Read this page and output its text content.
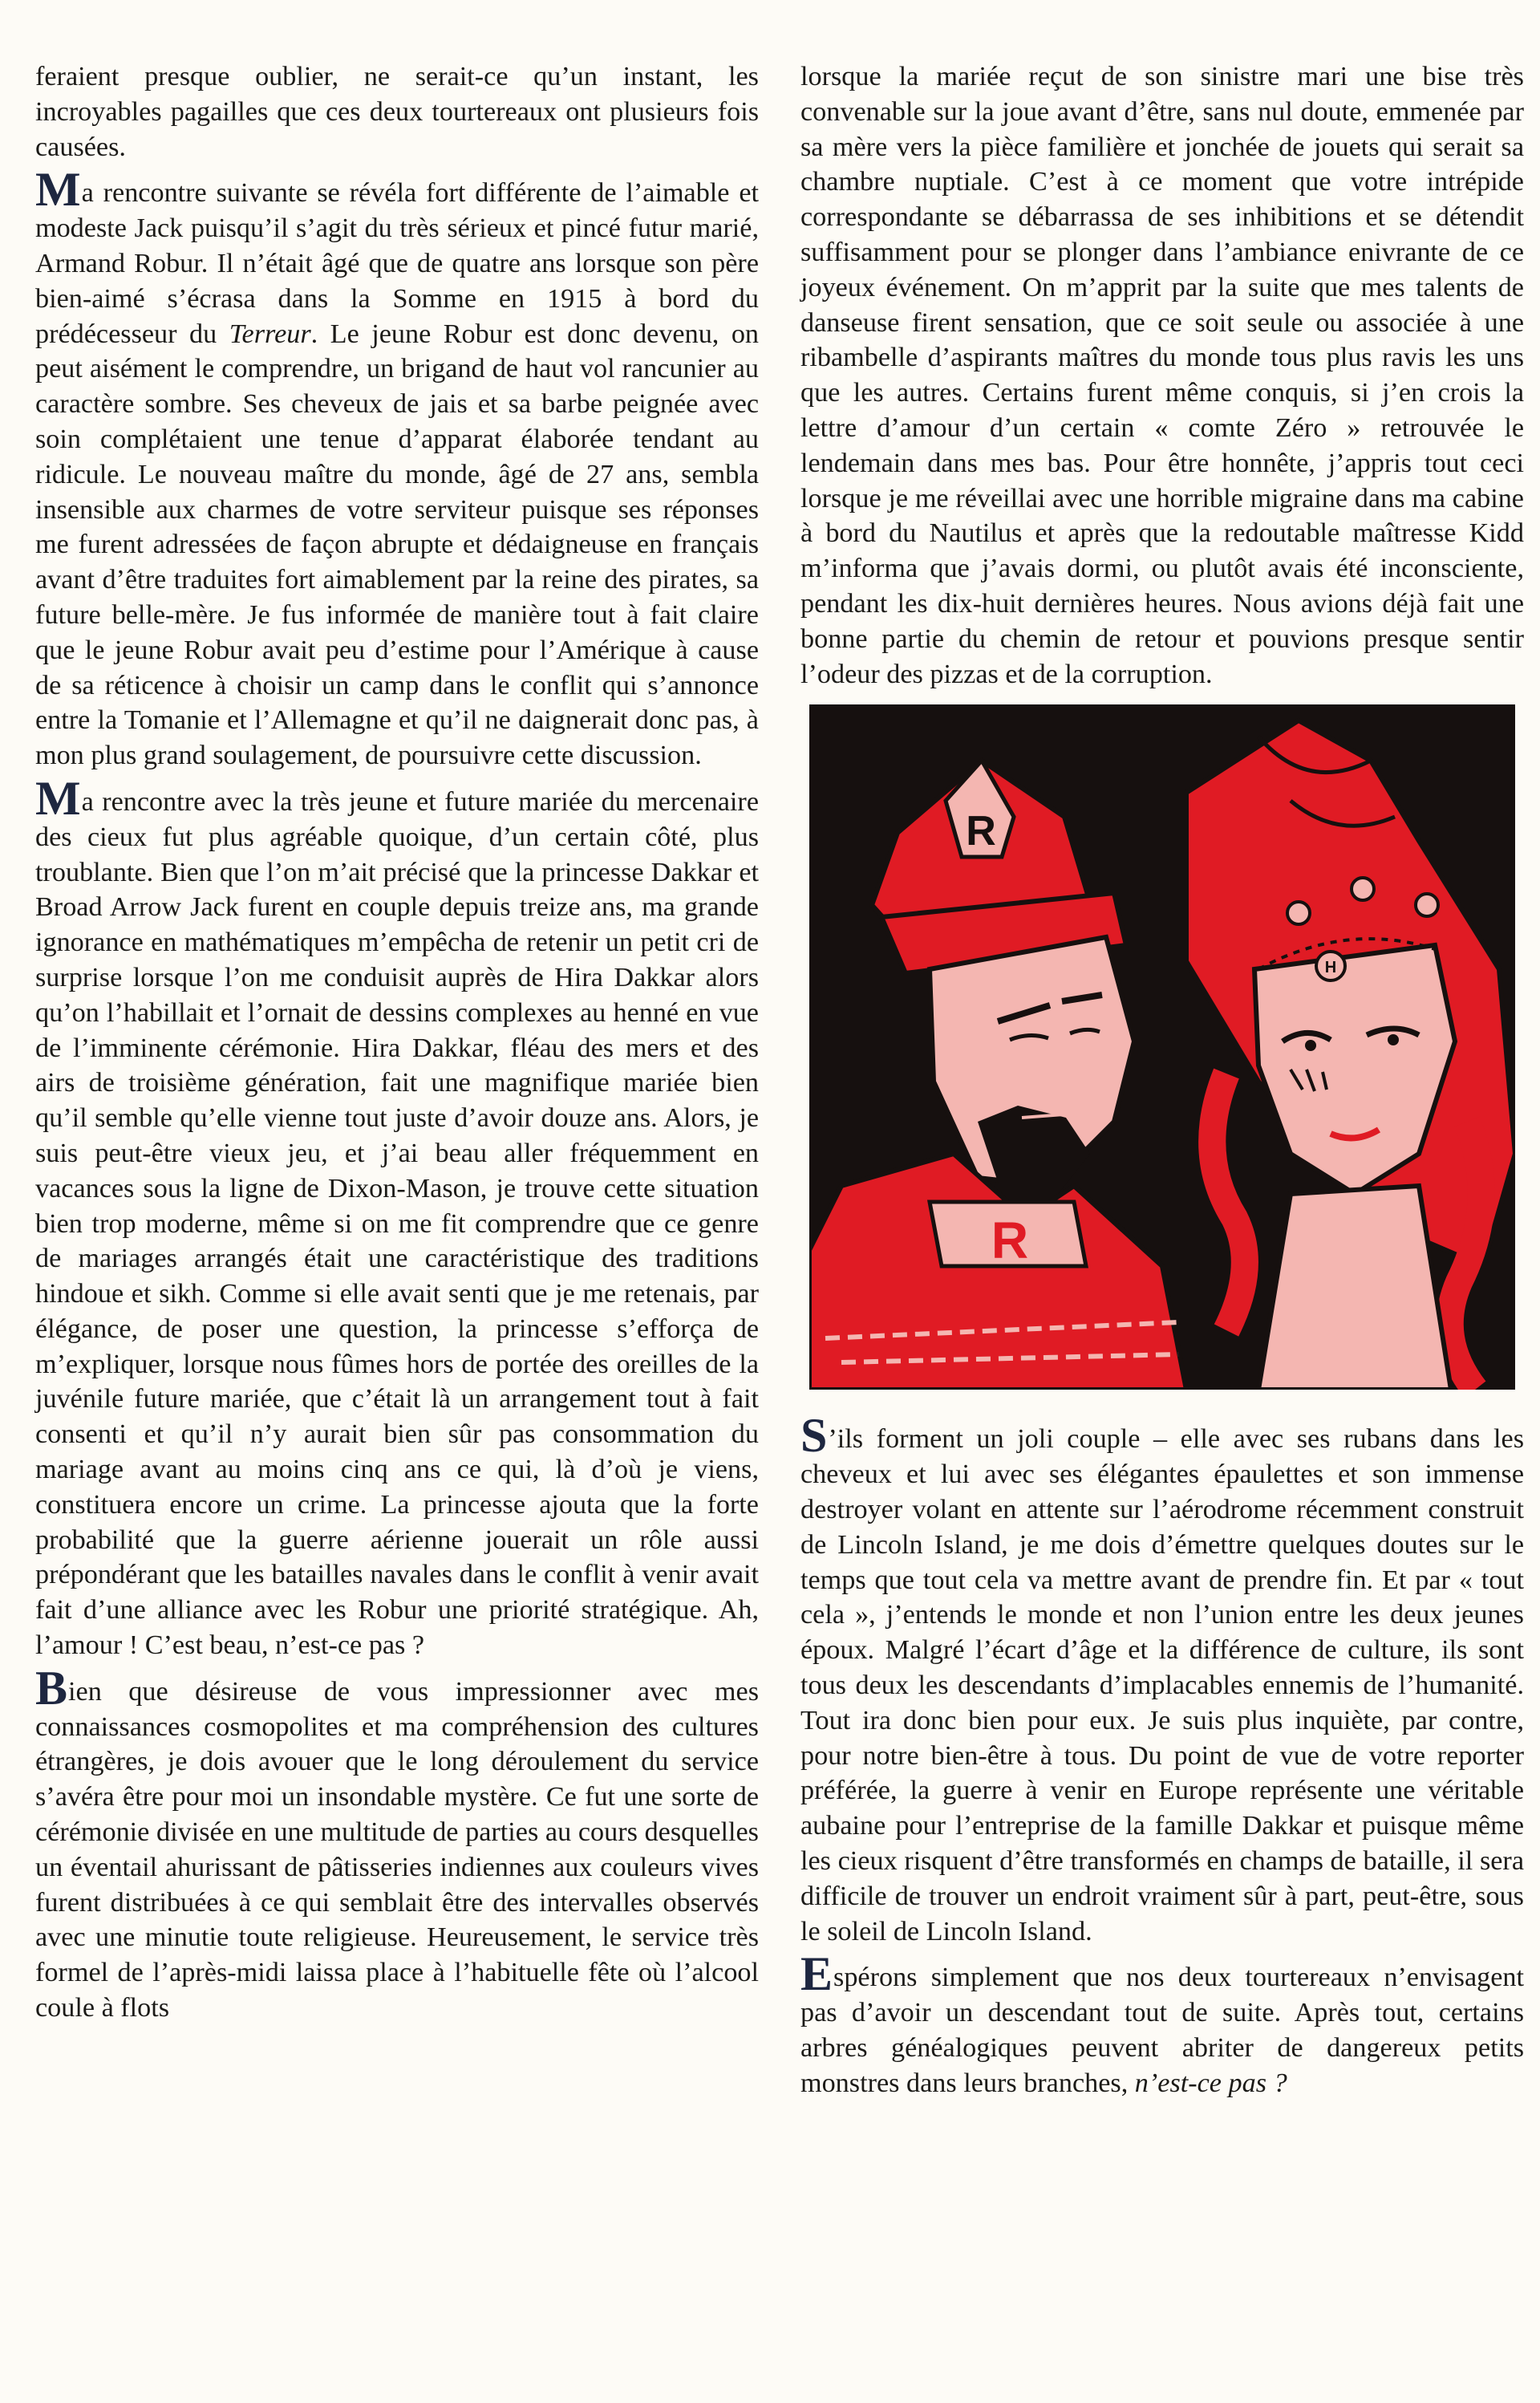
feraient presque oublier, ne serait-ce qu’un instant, les incroyables pagailles que ces deux tourtereaux ont plusieurs fois causées.

Ma rencontre suivante se révéla fort différente de l’aimable et modeste Jack puisqu’il s’agit du très sérieux et pincé futur marié, Armand Robur. Il n’était âgé que de quatre ans lorsque son père bien-aimé s’écrasa dans la Somme en 1915 à bord du prédécesseur du Terreur. Le jeune Robur est donc devenu, on peut aisément le comprendre, un brigand de haut vol rancunier au caractère sombre. Ses cheveux de jais et sa barbe peignée avec soin complétaient une tenue d’apparat élaborée tendant au ridicule. Le nouveau maître du monde, âgé de 27 ans, sembla insensible aux charmes de votre serviteur puisque ses réponses me furent adressées de façon abrupte et dédaigneuse en français avant d’être traduites fort aimablement par la reine des pirates, sa future belle-mère. Je fus informée de manière tout à fait claire que le jeune Robur avait peu d’estime pour l’Amérique à cause de sa réticence à choisir un camp dans le conflit qui s’annonce entre la Tomanie et l’Allemagne et qu’il ne daignerait donc pas, à mon plus grand soulagement, de poursuivre cette discussion.

Ma rencontre avec la très jeune et future mariée du mercenaire des cieux fut plus agréable quoique, d’un certain côté, plus troublante. Bien que l’on m’ait précisé que la princesse Dakkar et Broad Arrow Jack furent en couple depuis treize ans, ma grande ignorance en mathématiques m’empêcha de retenir un petit cri de surprise lorsque l’on me conduisit auprès de Hira Dakkar alors qu’on l’habillait et l’ornait de dessins complexes au henné en vue de l’imminente cérémonie. Hira Dakkar, fléau des mers et des airs de troisième génération, fait une magnifique mariée bien qu’il semble qu’elle vienne tout juste d’avoir douze ans. Alors, je suis peut-être vieux jeu, et j’ai beau aller fréquemment en vacances sous la ligne de Dixon-Mason, je trouve cette situation bien trop moderne, même si on me fit comprendre que ce genre de mariages arrangés était une caractéristique des traditions hindoue et sikh. Comme si elle avait senti que je me retenais, par élégance, de poser une question, la princesse s’efforça de m’expliquer, lorsque nous fûmes hors de portée des oreilles de la juvénile future mariée, que c’était là un arrangement tout à fait consenti et qu’il n’y aurait bien sûr pas consommation du mariage avant au moins cinq ans ce qui, là d’où je viens, constituera encore un crime. La princesse ajouta que la forte probabilité que la guerre aérienne jouerait un rôle aussi prépondérant que les batailles navales dans le conflit à venir avait fait d’une alliance avec les Robur une priorité stratégique. Ah, l’amour ! C’est beau, n’est-ce pas ?

Bien que désireuse de vous impressionner avec mes connaissances cosmopolites et ma compréhension des cultures étrangères, je dois avouer que le long déroulement du service s’avéra être pour moi un insondable mystère. Ce fut une sorte de cérémonie divisée en une multitude de parties au cours desquelles un éventail ahurissant de pâtisseries indiennes aux couleurs vives furent distribuées à ce qui semblait être des intervalles observés avec une minutie toute religieuse. Heureusement, le service très formel de l’après-midi laissa place à l’habituelle fête où l’alcool coule à flots

lorsque la mariée reçut de son sinistre mari une bise très convenable sur la joue avant d’être, sans nul doute, emmenée par sa mère vers la pièce familière et jonchée de jouets qui serait sa chambre nuptiale. C’est à ce moment que votre intrépide correspondante se débarrassa de ses inhibitions et se détendit suffisamment pour se plonger dans l’ambiance enivrante de ce joyeux événement. On m’apprit par la suite que mes talents de danseuse firent sensation, que ce soit seule ou associée à une ribambelle d’aspirants maîtres du monde tous plus ravis les uns que les autres. Certains furent même conquis, si j’en crois la lettre d’amour d’un certain « comte Zéro » retrouvée le lendemain dans mes bas. Pour être honnête, j’appris tout ceci lorsque je me réveillai avec une horrible migraine dans ma cabine à bord du Nautilus et après que la redoutable maîtresse Kidd m’informa que j’avais dormi, ou plutôt avais été inconsciente, pendant les dix-huit dernières heures. Nous avions déjà fait une bonne partie du chemin de retour et pouvions presque sentir l’odeur des pizzas et de la corruption.

R
R
H

S’ils forment un joli couple – elle avec ses rubans dans les cheveux et lui avec ses élégantes épaulettes et son immense destroyer volant en attente sur l’aérodrome récemment construit de Lincoln Island, je me dois d’émettre quelques doutes sur le temps que tout cela va mettre avant de prendre fin. Et par « tout cela », j’entends le monde et non l’union entre les deux jeunes époux. Malgré l’écart d’âge et la différence de culture, ils sont tous deux les descendants d’implacables ennemis de l’humanité. Tout ira donc bien pour eux. Je suis plus inquiète, par contre, pour notre bien-être à tous. Du point de vue de votre reporter préférée, la guerre à venir en Europe représente une véritable aubaine pour l’entreprise de la famille Dakkar et puisque même les cieux risquent d’être transformés en champs de bataille, il sera difficile de trouver un endroit vraiment sûr à part, peut-être, sous le soleil de Lincoln Island.

Espérons simplement que nos deux tourtereaux n’envisagent pas d’avoir un descendant tout de suite. Après tout, certains arbres généalogiques peuvent abriter de dangereux petits monstres dans leurs branches, n’est-ce pas ?
